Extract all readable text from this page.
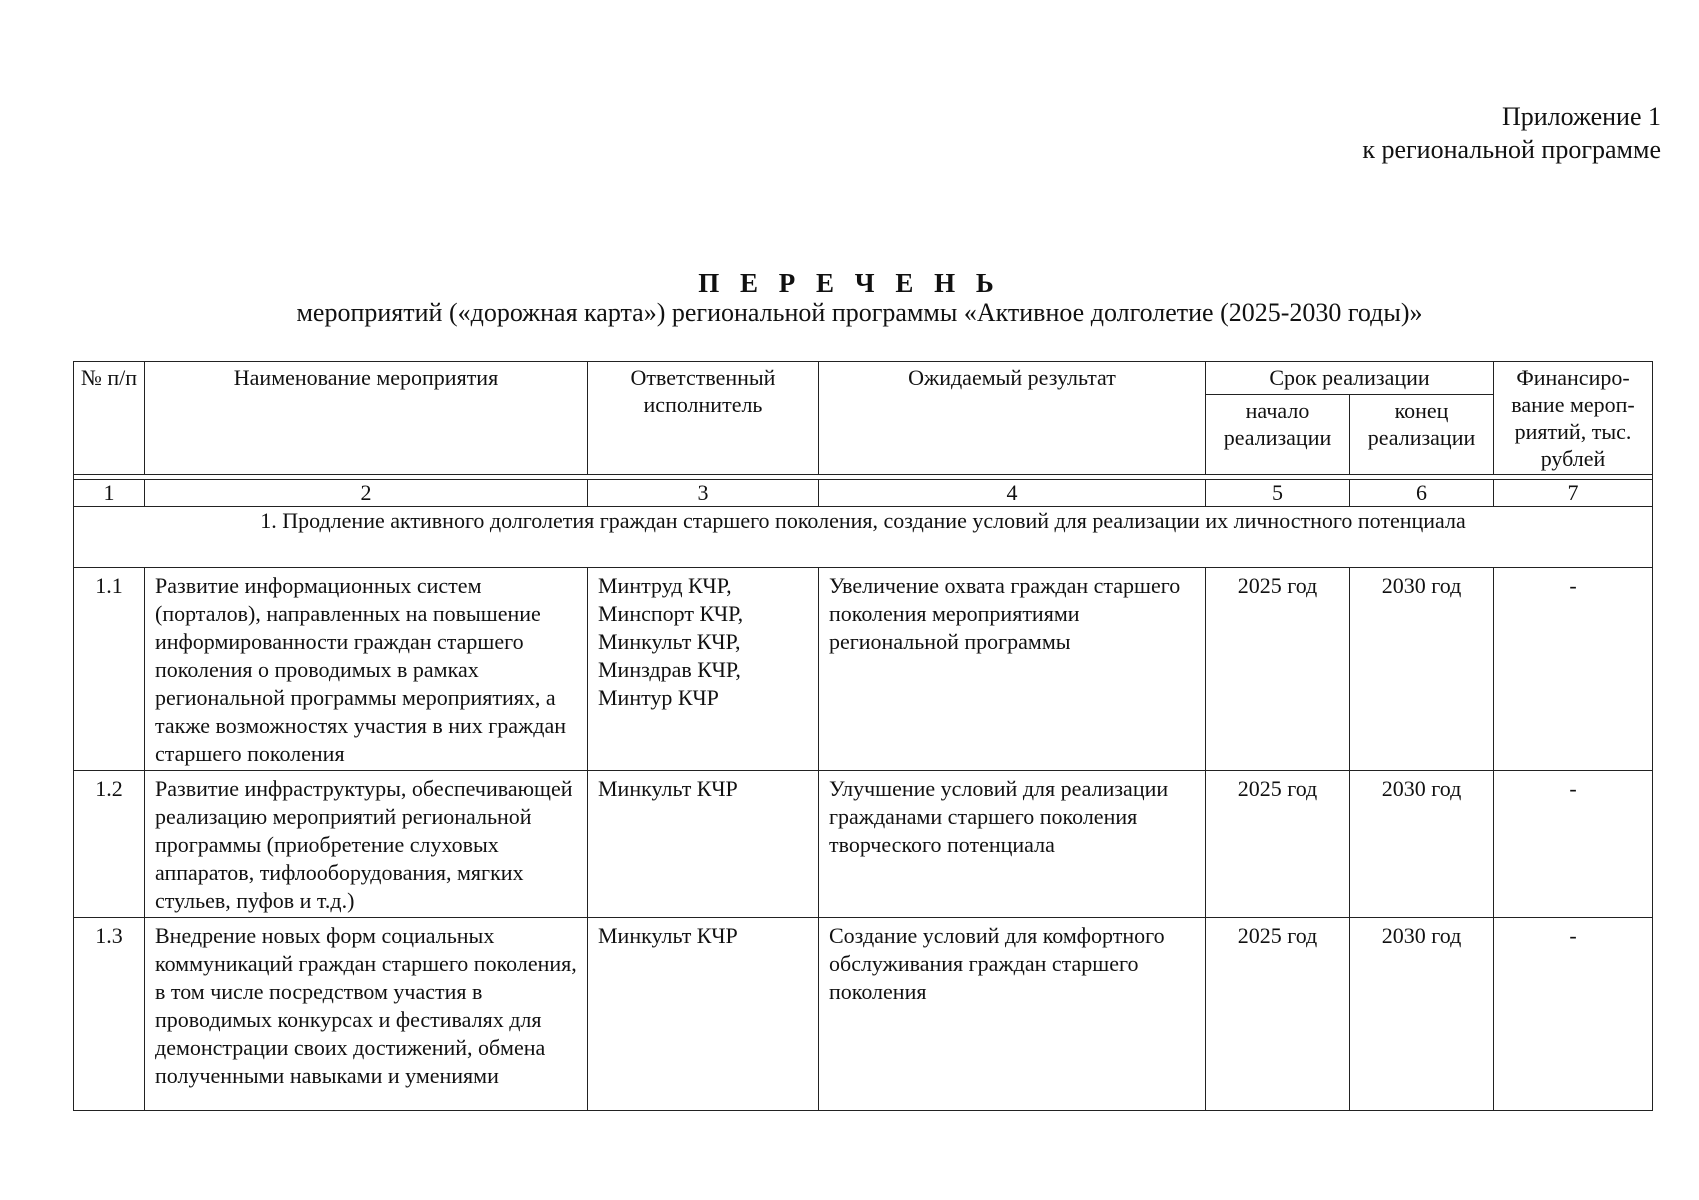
Приложение 1
к региональной программе
П Е Р Е Ч Е Н Ь
мероприятий («дорожная карта») региональной программы «Активное долголетие (2025-2030 годы)»
№ п/п	Наименование мероприятия	Ответственный исполнитель	Ожидаемый результат	Срок реализации		Финансиро-вание мероп-риятий, тыс. рублей
				начало реализации	конец реализации	

1	2	3	4	5	6	7
1. Продление активного долголетия граждан старшего поколения, создание условий для реализации их личностного потенциала						
1.1	Развитие информационных систем (порталов), направленных на повышение информированности граждан старшего поколения о проводимых в рамках региональной программы мероприятиях, а также возможностях участия в них граждан старшего поколения	Минтруд КЧР, Минспорт КЧР, Минкульт КЧР, Минздрав КЧР, Минтур КЧР	Увеличение охвата граждан старшего поколения мероприятиями региональной программы	2025 год	2030 год	-
1.2	Развитие инфраструктуры, обеспечивающей реализацию мероприятий региональной программы (приобретение слуховых аппаратов, тифлооборудования, мягких стульев, пуфов и т.д.)	Минкульт КЧР	Улучшение условий для реализации гражданами старшего поколения творческого потенциала	2025 год	2030 год	-
1.3	Внедрение новых форм социальных коммуникаций граждан старшего поколения, в том числе посредством участия в проводимых конкурсах и фестивалях для демонстрации своих достижений, обмена полученными навыками и умениями	Минкульт КЧР	Создание условий для комфортного обслуживания граждан старшего поколения	2025 год	2030 год	-
